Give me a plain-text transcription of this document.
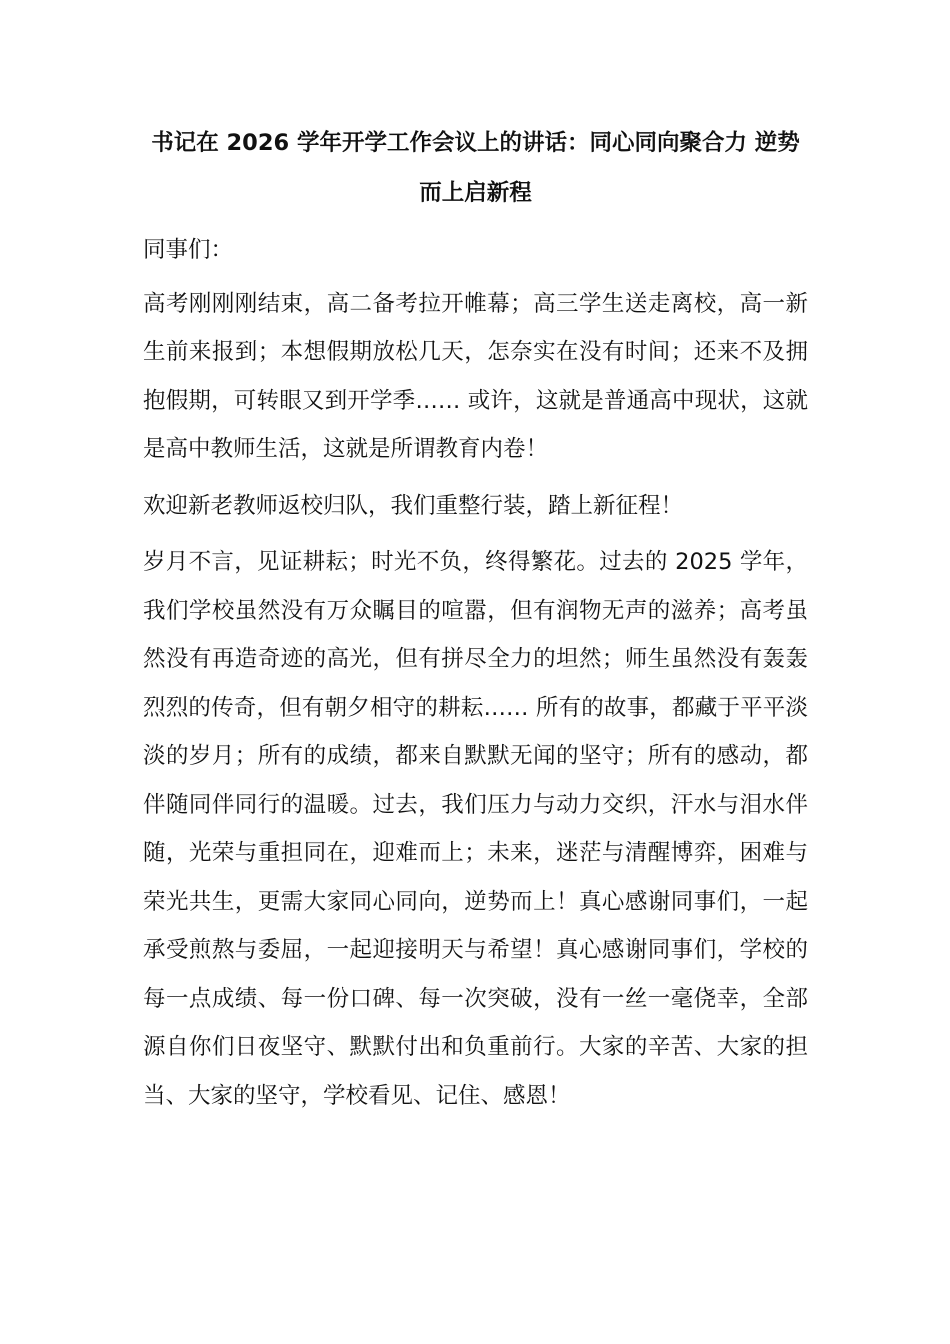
书记在 2026 学年开学工作会议上的讲话：同心同向聚合力 逆势而上启新程

同事们：

高考刚刚刚结束，高二备考拉开帷幕；高三学生送走离校，高一新生前来报到；本想假期放松几天，怎奈实在没有时间；还来不及拥抱假期，可转眼又到开学季…… 或许，这就是普通高中现状，这就是高中教师生活，这就是所谓教育内卷！

欢迎新老教师返校归队，我们重整行装，踏上新征程！

岁月不言，见证耕耘；时光不负，终得繁花。过去的 2025 学年，我们学校虽然没有万众瞩目的喧嚣，但有润物无声的滋养；高考虽然没有再造奇迹的高光，但有拼尽全力的坦然；师生虽然没有轰轰烈烈的传奇，但有朝夕相守的耕耘…… 所有的故事，都藏于平平淡淡的岁月；所有的成绩，都来自默默无闻的坚守；所有的感动，都伴随同伴同行的温暖。过去，我们压力与动力交织，汗水与泪水伴随，光荣与重担同在，迎难而上；未来，迷茫与清醒博弈，困难与荣光共生，更需大家同心同向，逆势而上！真心感谢同事们，一起承受煎熬与委屈，一起迎接明天与希望！真心感谢同事们，学校的每一点成绩、每一份口碑、每一次突破，没有一丝一毫侥幸，全部源自你们日夜坚守、默默付出和负重前行。大家的辛苦、大家的担当、大家的坚守，学校看见、记住、感恩！
